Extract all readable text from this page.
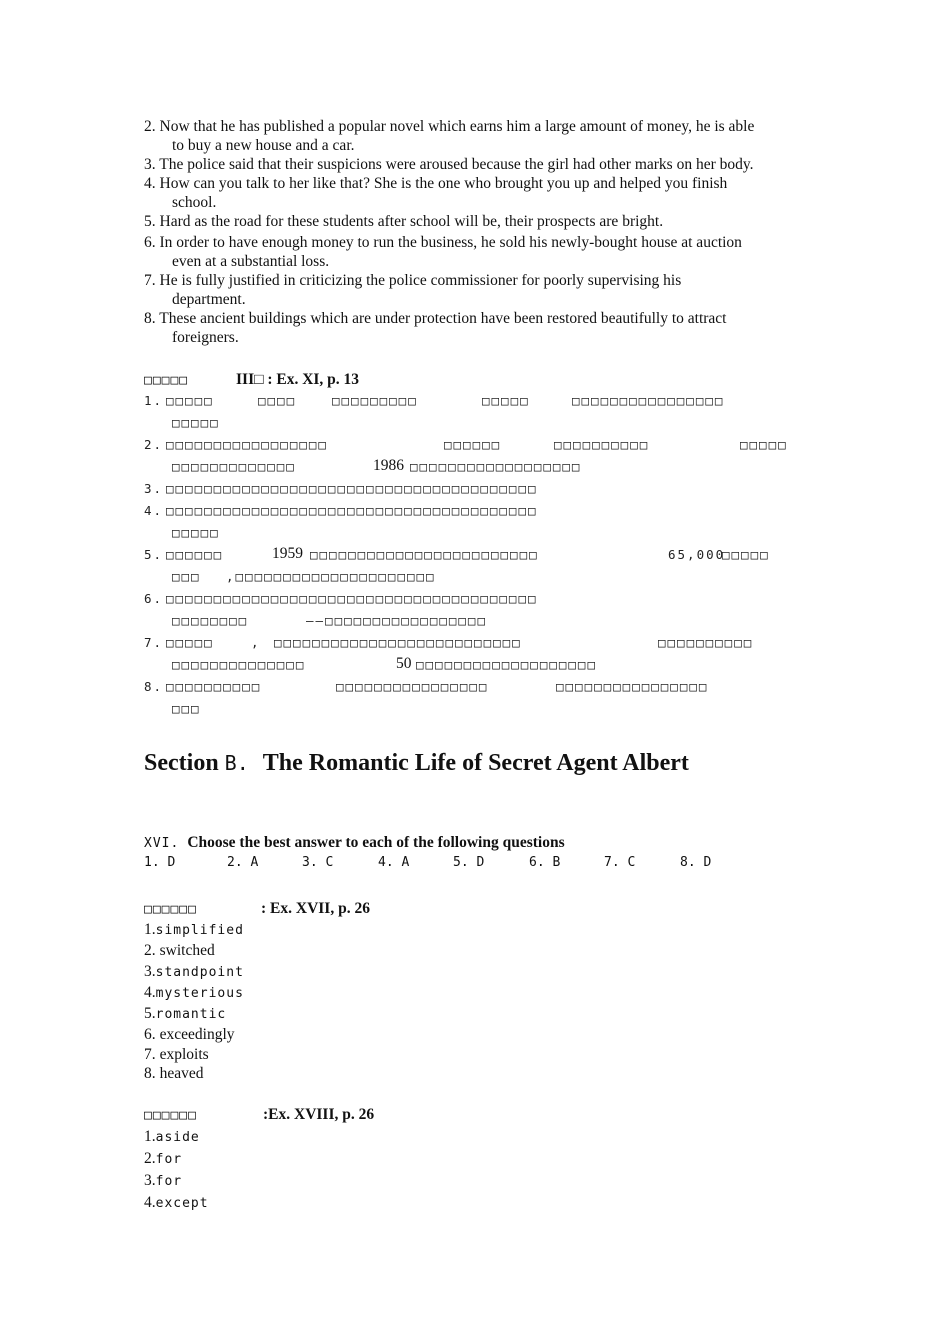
2. Now that he has published a popular novel which earns him a large amount of money, he is able
to buy a new house and a car.
3. The police said that their suspicions were aroused because the girl had other marks on her body.
4. How can you talk to her like that? She is the one who brought you up and helped you finish
school.
5. Hard as the road for these students after school will be, their prospects are bright.
6. In order to have enough money to run the business, he sold his newly-bought house at auction
even at a substantial loss.
7. He is fully justified in criticizing the police commissioner for poorly supervising his
department.
8. These ancient buildings which are under protection have been restored beautifully to attract
foreigners.
□□□□□	III□ : Ex. XI, p. 13
1. □□□□□	□□□□	□□□□□□□□□	□□□□□	□□□□□□□□□□□□□□□□
□□□□□
2. □□□□□□□□□□□□□□□□□	□□□□□□	□□□□□□□□□□	□□□□□
□□□□□□□□□□□□□	1986 □□□□□□□□□□□□□□□□□□
3. □□□□□□□□□□□□□□□□□□□□□□□□□□□□□□□□□□□□□□□
4. □□□□□□□□□□□□□□□□□□□□□□□□□□□□□□□□□□□□□□□
□□□□□
5. □□□□□□	1959 □□□□□□□□□□□□□□□□□□□□□□□□	65,000
□□□□□
□□□ ,□□□□□□□□□□□□□□□□□□□□□
6. □□□□□□□□□□□□□□□□□□□□□□□□□□□□□□□□□□□□□□□
□□□□□□□□	——□□□□□□□□□□□□□□□□□
7. □□□□□	, □□□□□□□□□□□□□□□□□□□□□□□□□□	□□□□□□□□□□
□□□□□□□□□□□□□□	50 □□□□□□□□□□□□□□□□□□□
8. □□□□□□□□□□	□□□□□□□□□□□□□□□□	□□□□□□□□□□□□□□□□
□□□
Section B. The Romantic Life of Secret Agent Albert
XVI. Choose the best answer to each of the following questions
1. D	2. A	3. C	4. A	5. D	6. B	7. C	8. D
□□□□□□	: Ex. XVII, p. 26
1.simplified
2. switched
3.standpoint
4.mysterious
5.romantic
6. exceedingly
7. exploits
8. heaved
□□□□□□	:Ex. XVIII, p. 26
1.aside
2.for
3.for
4.except
